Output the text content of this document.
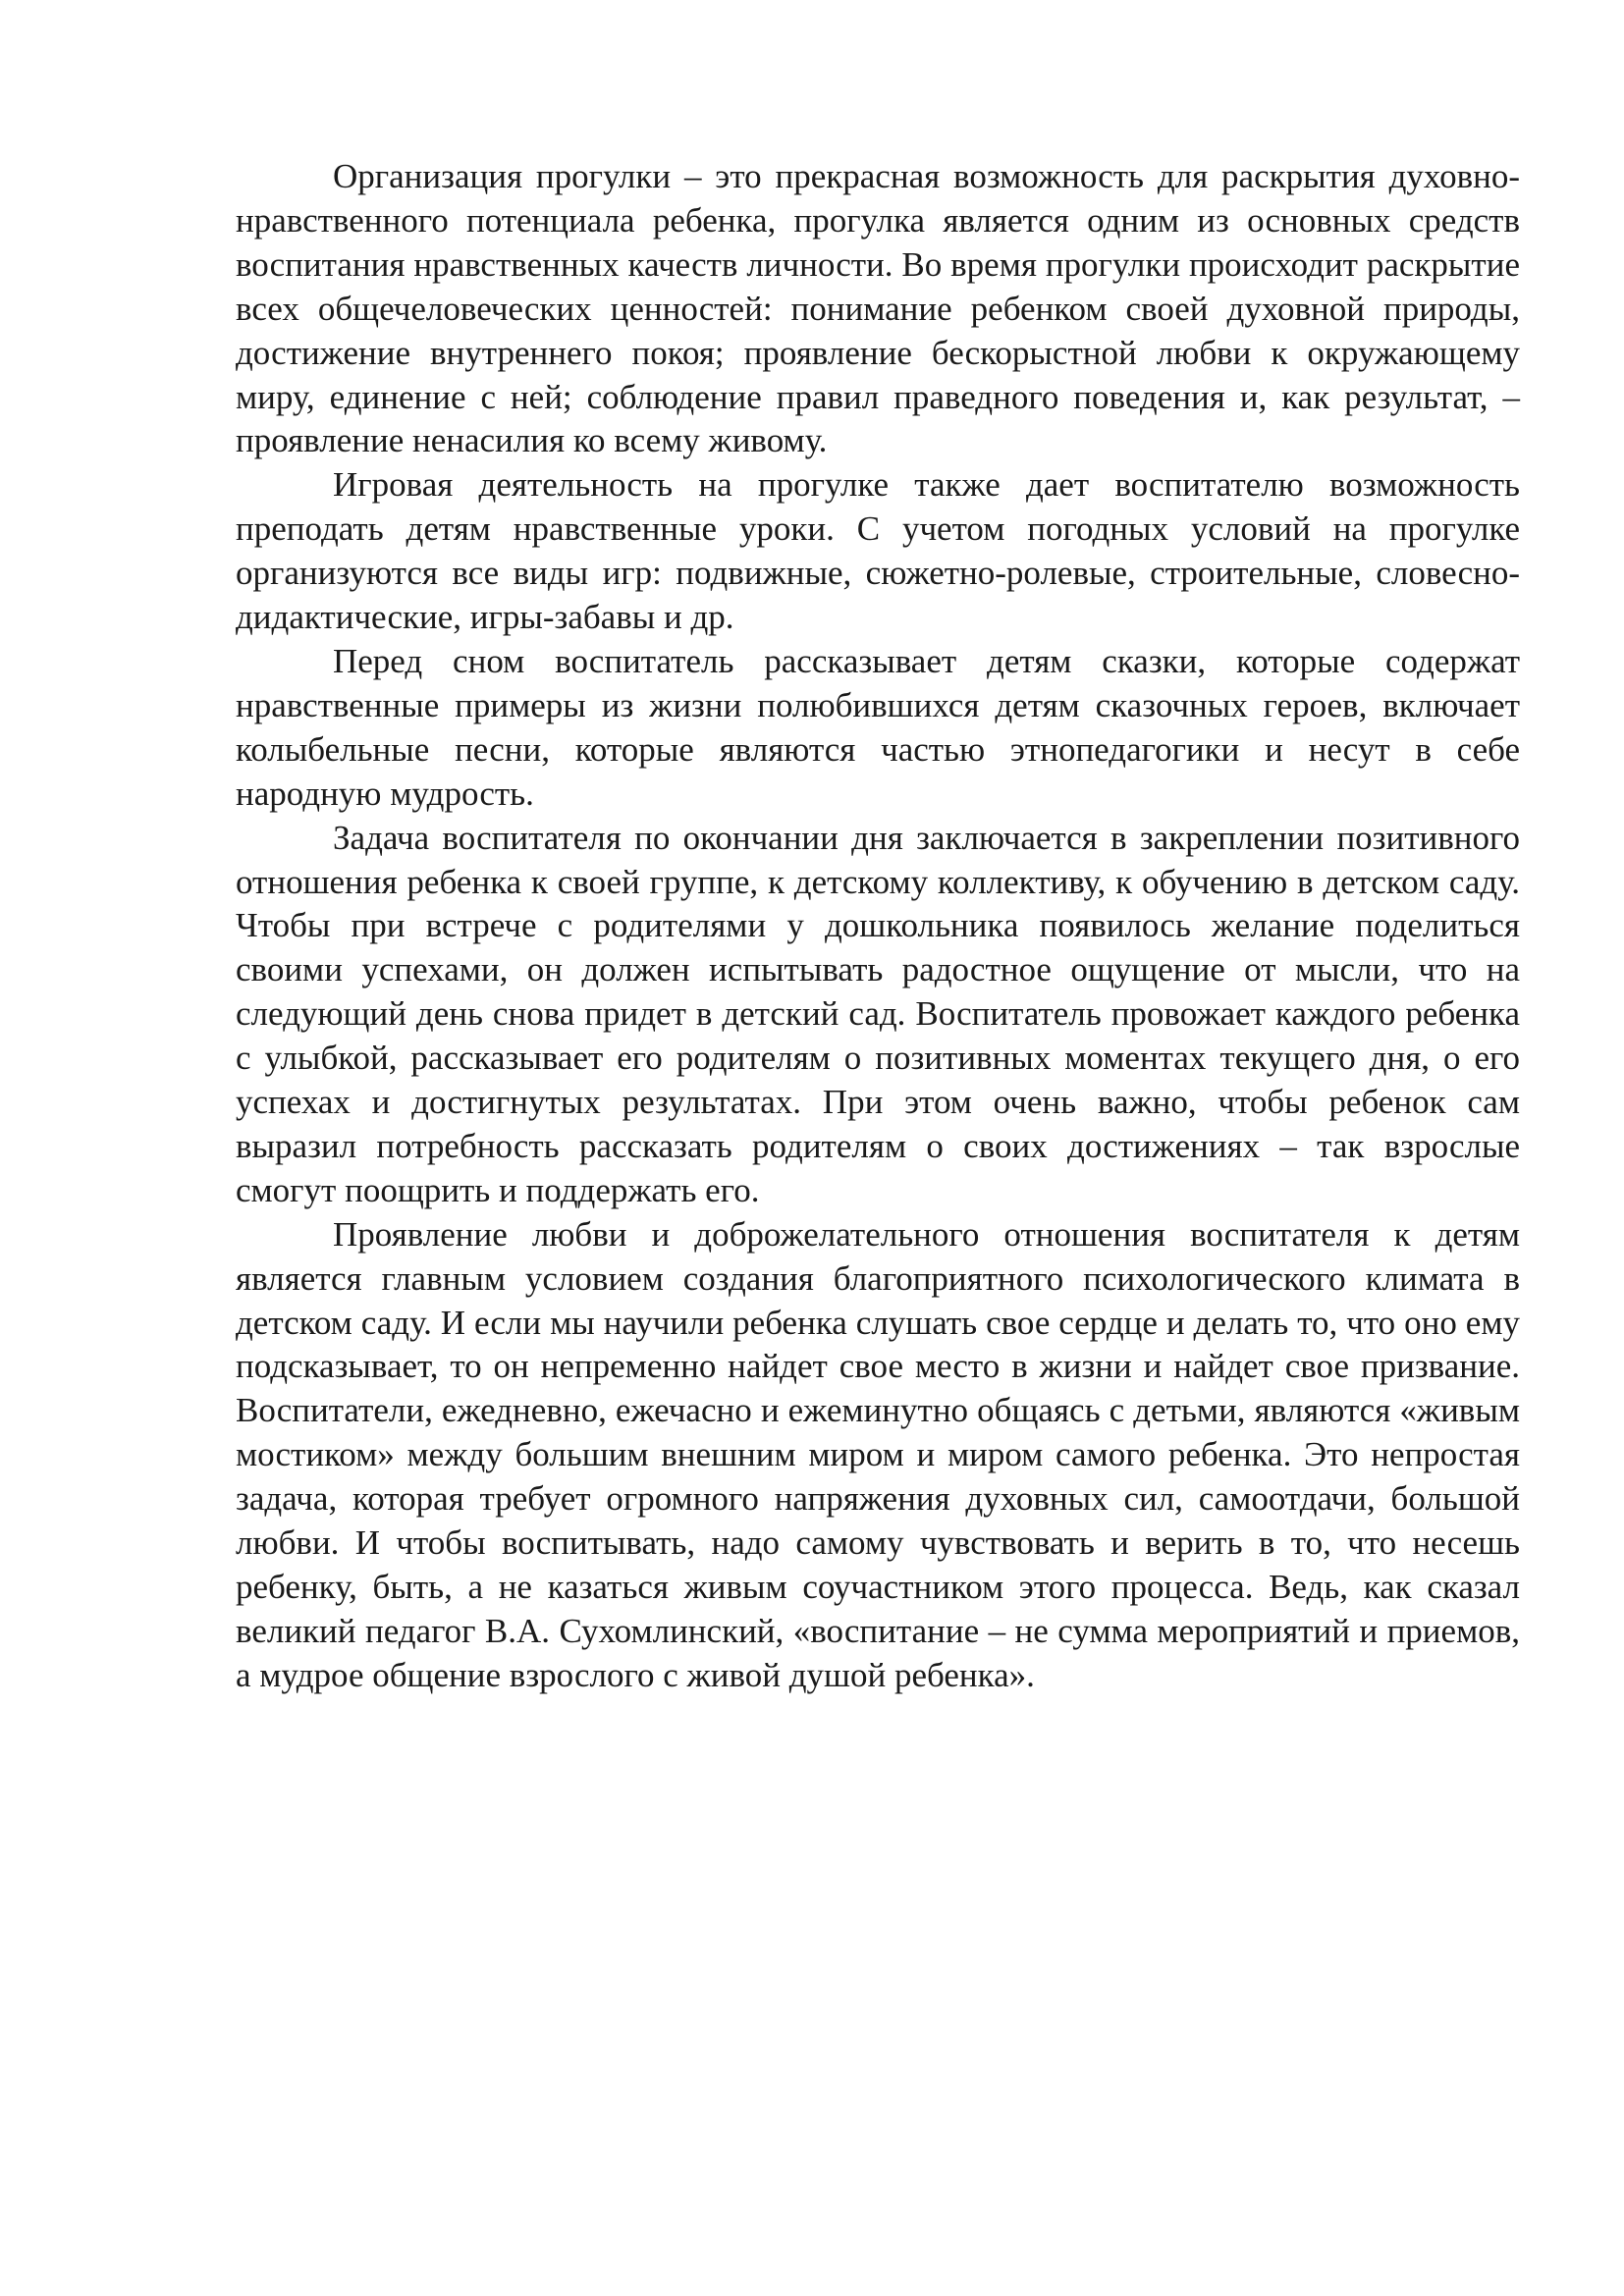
Организация прогулки – это прекрасная возможность для раскрытия духовно-нравственного потенциала ребенка, прогулка является одним из основных средств воспитания нравственных качеств личности. Во время прогулки происходит раскрытие всех общечеловеческих ценностей: понимание ребенком своей духовной природы, достижение внутреннего покоя; проявление бескорыстной любви к окружающему миру, единение с ней; соблюдение правил праведного поведения и, как результат, – проявление ненасилия ко всему живому.

Игровая деятельность на прогулке также дает воспитателю возможность преподать детям нравственные уроки. С учетом погодных условий на прогулке организуются все виды игр: подвижные, сюжетно-ролевые, строительные, словесно-дидактические, игры-забавы и др.

Перед сном воспитатель рассказывает детям сказки, которые содержат нравственные примеры из жизни полюбившихся детям сказочных героев, включает колыбельные песни, которые являются частью этнопедагогики и несут в себе народную мудрость.

Задача воспитателя по окончании дня заключается в закреплении позитивного отношения ребенка к своей группе, к детскому коллективу, к обучению в детском саду. Чтобы при встрече с родителями у дошкольника появилось желание поделиться своими успехами, он должен испытывать радостное ощущение от мысли, что на следующий день снова придет в детский сад. Воспитатель провожает каждого ребенка с улыбкой, рассказывает его родителям о позитивных моментах текущего дня, о его успехах и достигнутых результатах. При этом очень важно, чтобы ребенок сам выразил потребность рассказать родителям о своих достижениях – так взрослые смогут поощрить и поддержать его.

Проявление любви и доброжелательного отношения воспитателя к детям является главным условием создания благоприятного психологического климата в детском саду. И если мы научили ребенка слушать свое сердце и делать то, что оно ему подсказывает, то он непременно найдет свое место в жизни и найдет свое призвание. Воспитатели, ежедневно, ежечасно и ежеминутно общаясь с детьми, являются «живым мостиком» между большим внешним миром и миром самого ребенка. Это непростая задача, которая требует огромного напряжения духовных сил, самоотдачи, большой любви. И чтобы воспитывать, надо самому чувствовать и верить в то, что несешь ребенку, быть, а не казаться живым соучастником этого процесса. Ведь, как сказал великий педагог В.А. Сухомлинский, «воспитание – не сумма мероприятий и приемов, а мудрое общение взрослого с живой душой ребенка».
